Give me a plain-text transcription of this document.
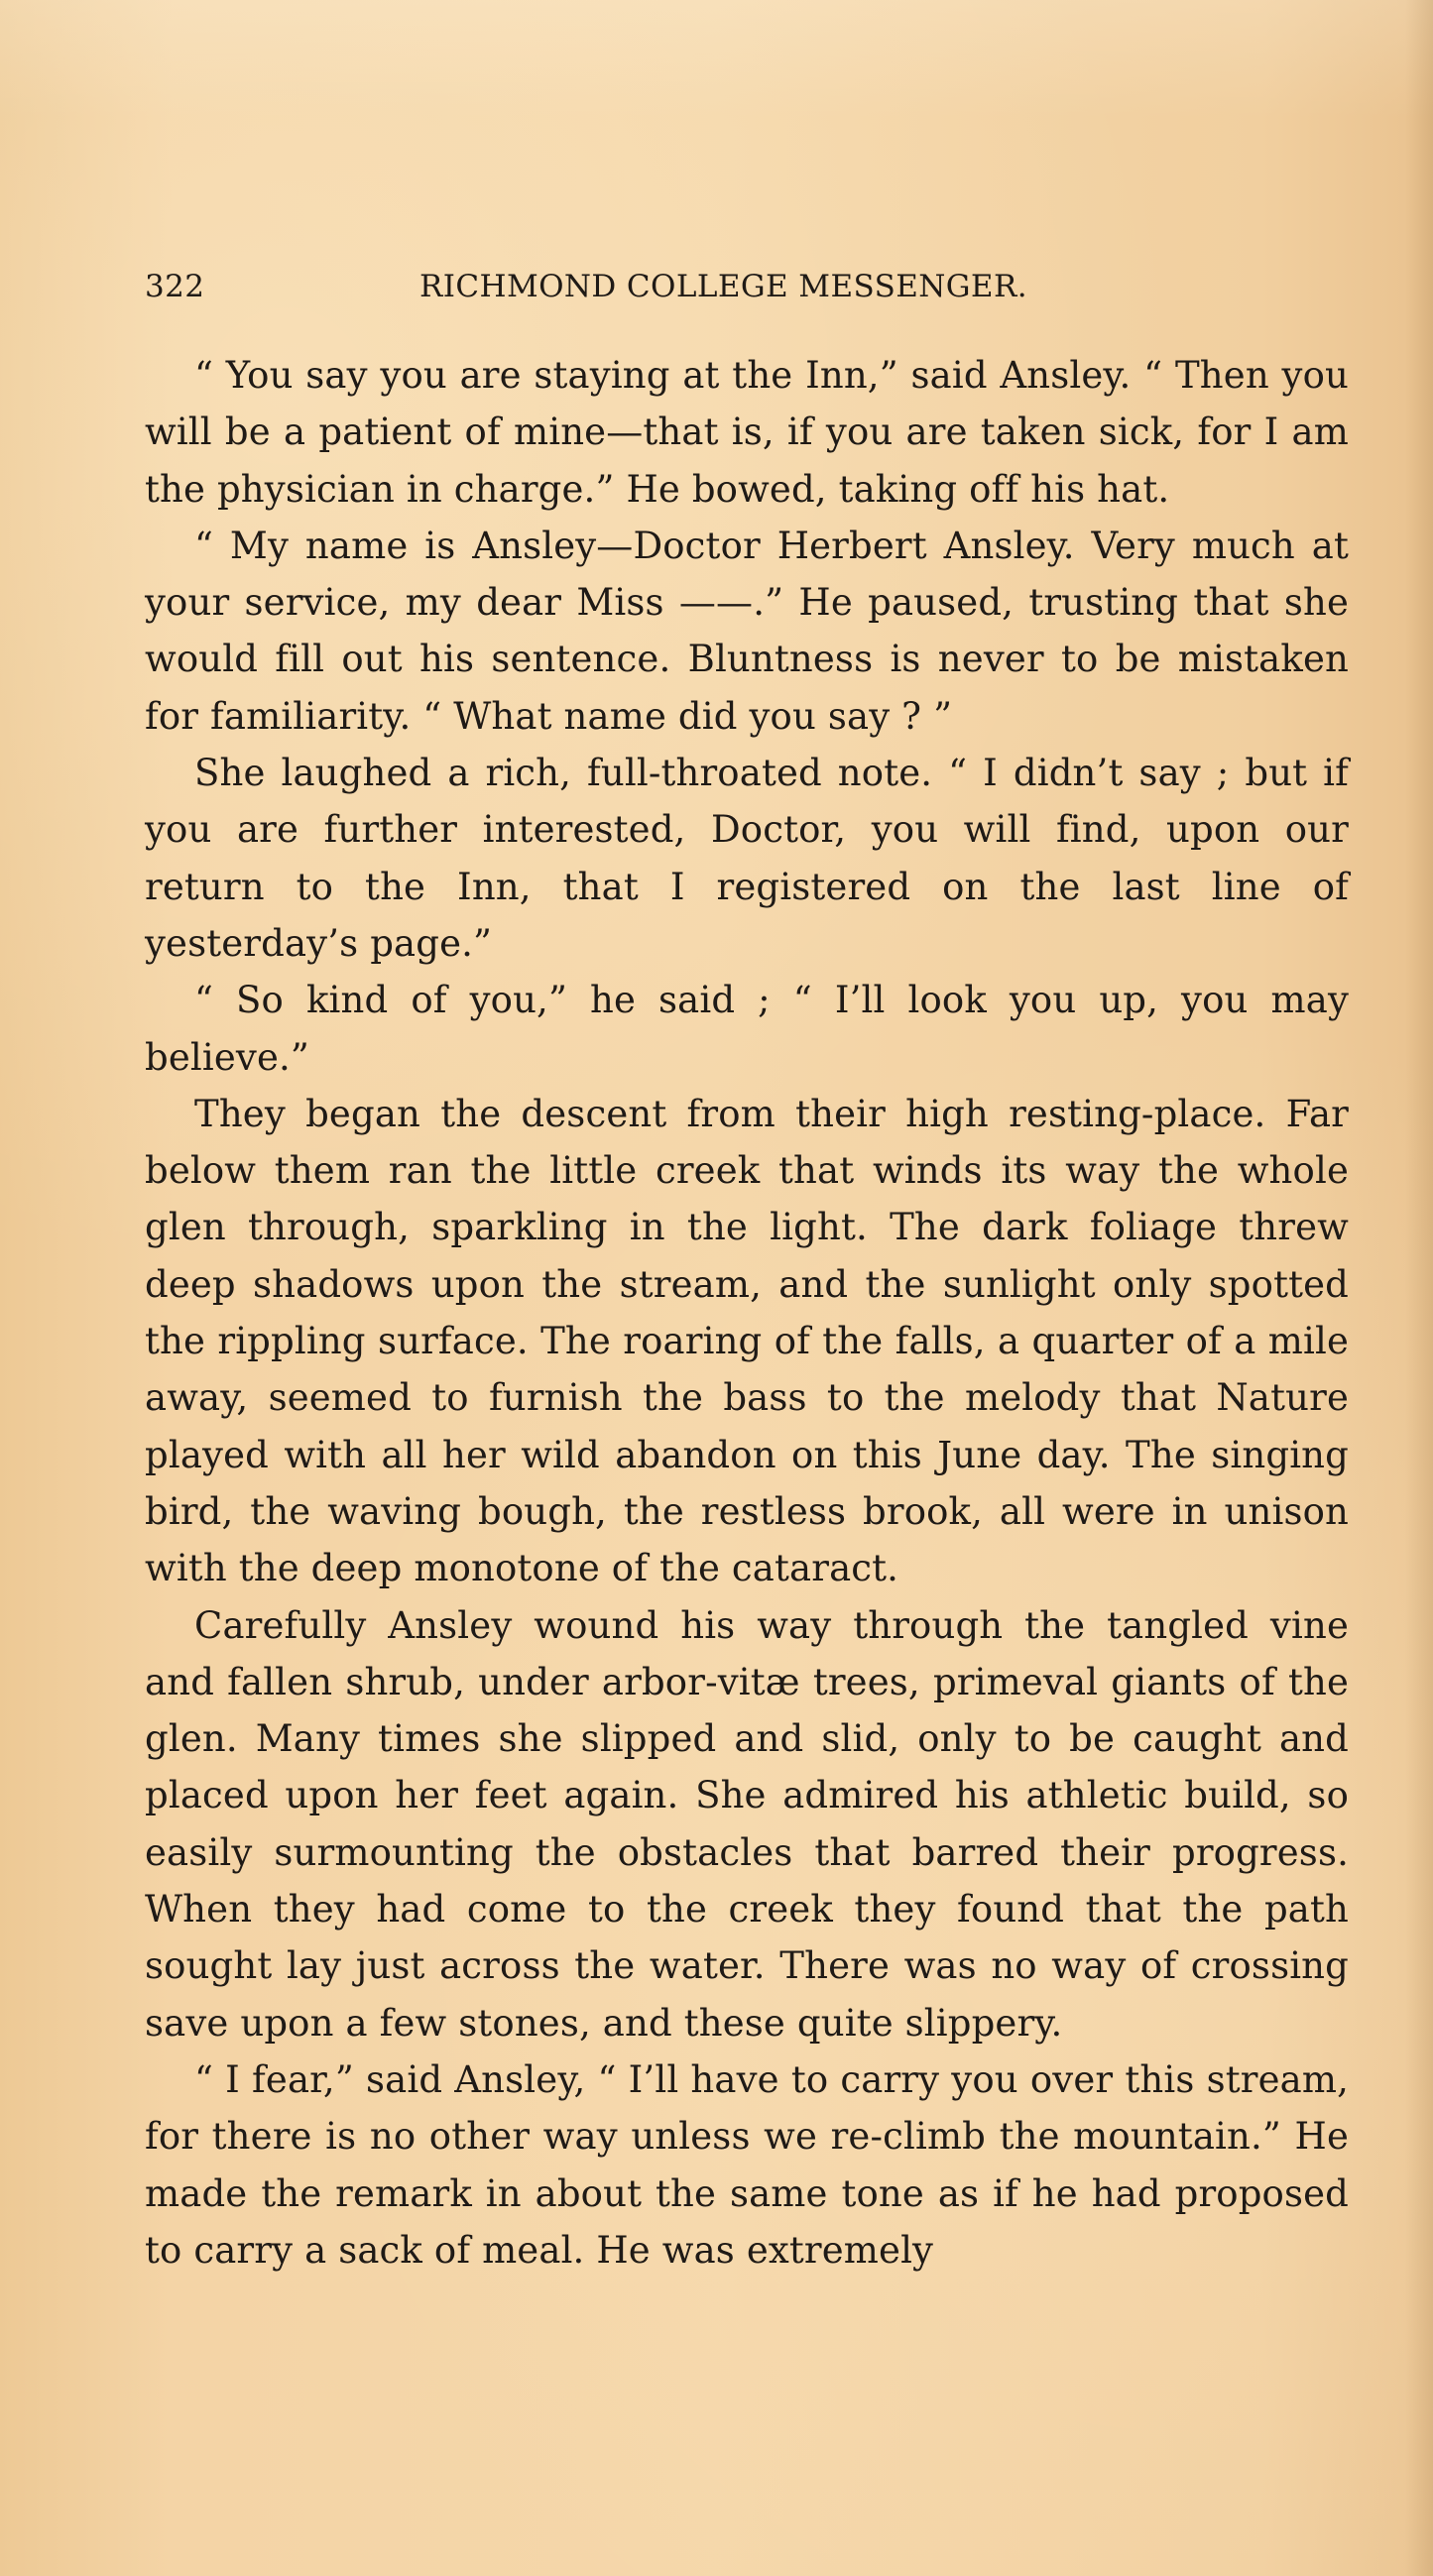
322	RICHMOND COLLEGE MESSENGER.

“ You say you are staying at the Inn,” said Ansley. “ Then you will be a patient of mine—that is, if you are taken sick, for I am the physician in charge.” He bowed, taking off his hat.

“ My name is Ansley—Doctor Herbert Ansley. Very much at your service, my dear Miss ——.” He paused, trusting that she would fill out his sentence. Bluntness is never to be mistaken for familiarity. “ What name did you say ? ”

She laughed a rich, full-throated note. “ I didn’t say ; but if you are further interested, Doctor, you will find, upon our return to the Inn, that I registered on the last line of yesterday’s page.”

“ So kind of you,” he said ; “ I’ll look you up, you may believe.”

They began the descent from their high resting-place. Far below them ran the little creek that winds its way the whole glen through, sparkling in the light. The dark foliage threw deep shadows upon the stream, and the sunlight only spotted the rippling surface. The roaring of the falls, a quarter of a mile away, seemed to furnish the bass to the melody that Nature played with all her wild abandon on this June day. The singing bird, the waving bough, the restless brook, all were in unison with the deep monotone of the cataract.

Carefully Ansley wound his way through the tangled vine and fallen shrub, under arbor-vitæ trees, primeval giants of the glen. Many times she slipped and slid, only to be caught and placed upon her feet again. She admired his athletic build, so easily surmounting the obstacles that barred their progress. When they had come to the creek they found that the path sought lay just across the water. There was no way of crossing save upon a few stones, and these quite slippery.

“ I fear,” said Ansley, “ I’ll have to carry you over this stream, for there is no other way unless we re-climb the mountain.” He made the remark in about the same tone as if he had proposed to carry a sack of meal. He was extremely
